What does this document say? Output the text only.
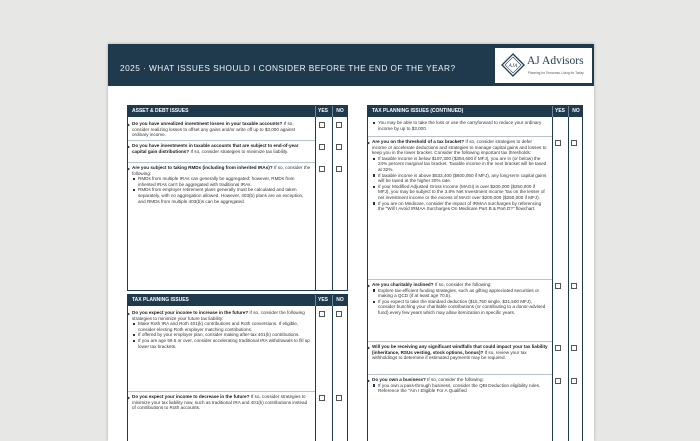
2025 · WHAT ISSUES SHOULD I CONSIDER BEFORE THE END OF THE YEAR?	AJA AJ Advisors
Planning for Tomorrow, Living for Today
ASSET & DEBT ISSUES	YES	NO
Do you have unrealized investment losses in your taxable accounts? If so, consider realizing losses to offset any gains and/or write off up to $3,000 against ordinary income.
Do you have investments in taxable accounts that are subject to end-of-year capital gain distributions? If so, consider strategies to minimize tax liability.
Are you subject to taking RMDs (including from inherited IRAs)? If so, consider the following:
RMDs from multiple IRAs can generally be aggregated; however, RMDs from inherited IRAs can't be aggregated with traditional IRAs.
RMDs from employer retirement plans generally must be calculated and taken separately, with no aggregation allowed. However, 403(b) plans are an exception, and RMDs from multiple 403(b)s can be aggregated.
TAX PLANNING ISSUES	YES	NO
Do you expect your income to increase in the future? If so, consider the following strategies to minimize your future tax liability:
Make Roth IRA and Roth 401(k) contributions and Roth conversions. If eligible, consider electing Roth employer matching contributions.
If offered by your employer plan, consider making after-tax 401(k) contributions.
If you are age 59.5 or over, consider accelerating traditional IRA withdrawals to fill up lower tax brackets.
Do you expect your income to decrease in the future? If so, consider strategies to minimize your tax liability now, such as traditional IRA and 401(k) contributions instead of contributions to Roth accounts.
TAX PLANNING ISSUES (CONTINUED)	YES	NO
You may be able to take the loss or use the carryforward to reduce your ordinary income by up to $3,000.
Are you on the threshold of a tax bracket? If so, consider strategies to defer income or accelerate deductions and strategies to manage capital gains and losses to keep you in the lower bracket. Consider the following important tax thresholds:
If taxable income is below $197,300 ($394,600 if MFJ), you are in (or below) the 24% percent marginal tax bracket. Taxable income in the next bracket will be taxed at 32%.
If taxable income is above $533,400 ($600,050 if MFJ), any long-term capital gains will be taxed at the higher 20% rate.
If your Modified Adjusted Gross Income (MAGI) is over $200,000 ($250,000 if MFJ), you may be subject to the 3.8% Net Investment Income Tax on the lesser of net investment income or the excess of MAGI over $200,000 ($250,000 if MFJ).
If you are on Medicare, consider the impact of IRMAA surcharges by referencing the "Will I Avoid IRMAA Surcharges On Medicare Part B & Part D?" flowchart.
Are you charitably inclined? If so, consider the following:
Explore tax-efficient funding strategies, such as gifting appreciated securities or making a QCD (if at least age 70.5).
If you expect to take the standard deduction ($15,750 single, $31,500 MFJ), consider bunching your charitable contributions (or contributing to a donor-advised fund) every few years which may allow itemization in specific years.
Will you be receiving any significant windfalls that could impact your tax liability (inheritance, RSUs vesting, stock options, bonus)? If so, review your tax withholdings to determine if estimated payments may be required.
Do you own a business? If so, consider the following:
If you own a pass-through business, consider the QBI Deduction eligibility rules. Reference the "Am I Eligible For A Qualified
